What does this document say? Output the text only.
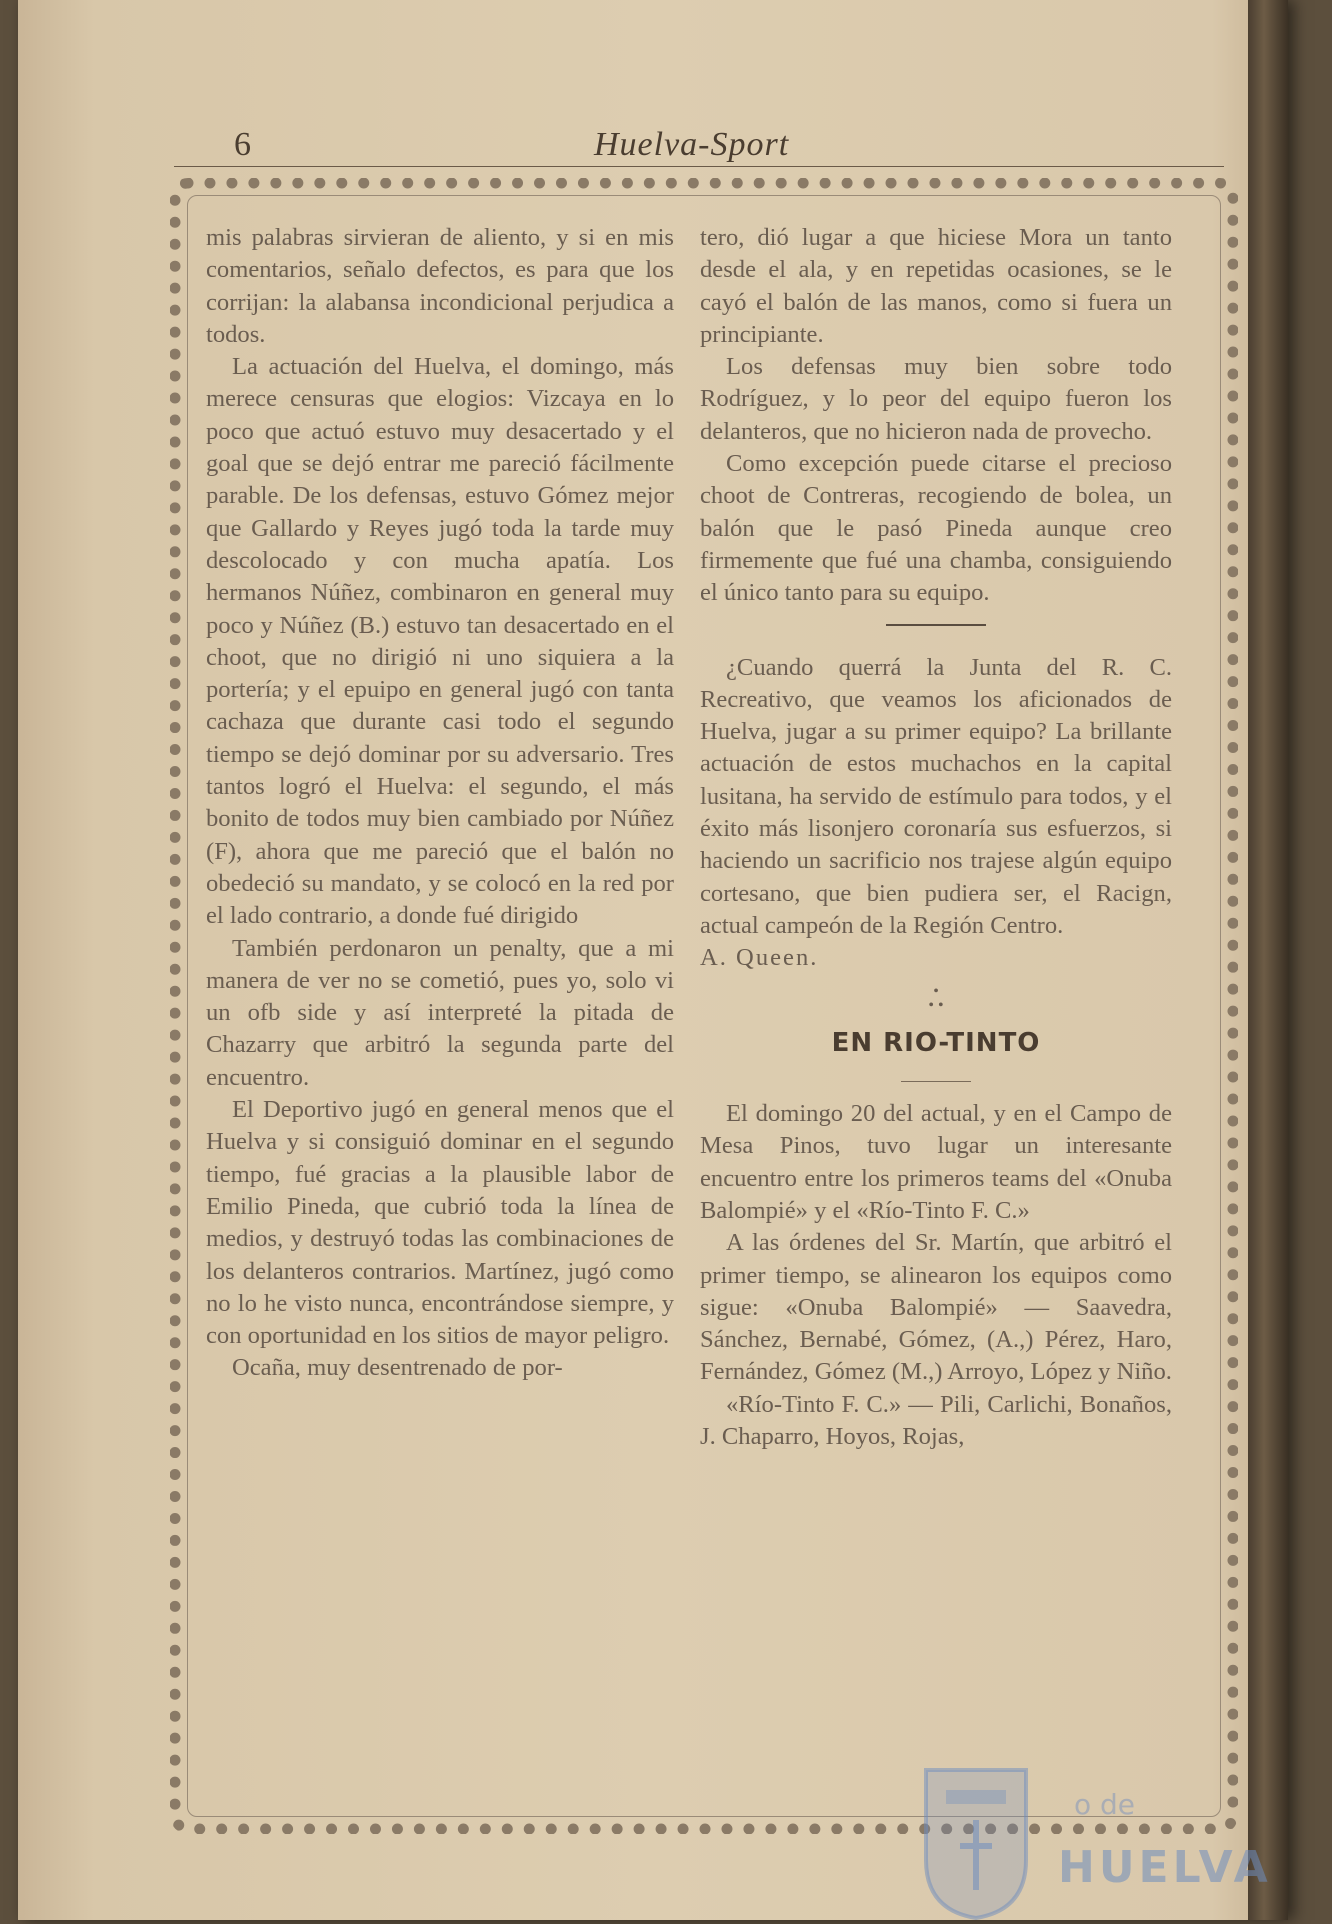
6	Huelva-Sport

mis palabras sirvieran de aliento, y si en mis comentarios, señalo defectos, es para que los corrijan: la alabansa incondicional perjudica a todos.

La actuación del Huelva, el domingo, más merece censuras que elogios: Vizcaya en lo poco que actuó estuvo muy desacertado y el goal que se dejó entrar me pareció fácilmente parable. De los defensas, estuvo Gómez mejor que Gallardo y Reyes jugó toda la tarde muy descolocado y con mucha apatía. Los hermanos Núñez, combinaron en general muy poco y Núñez (B.) estuvo tan desacertado en el choot, que no dirigió ni uno siquiera a la portería; y el epuipo en general jugó con tanta cachaza que durante casi todo el segundo tiempo se dejó dominar por su adversario. Tres tantos logró el Huelva: el segundo, el más bonito de todos muy bien cambiado por Núñez (F), ahora que me pareció que el balón no obedeció su mandato, y se colocó en la red por el lado contrario, a donde fué dirigido

También perdonaron un penalty, que a mi manera de ver no se cometió, pues yo, solo vi un ofb side y así interpreté la pitada de Chazarry que arbitró la segunda parte del encuentro.

El Deportivo jugó en general menos que el Huelva y si consiguió dominar en el segundo tiempo, fué gracias a la plausible labor de Emilio Pineda, que cubrió toda la línea de medios, y destruyó todas las combinaciones de los delanteros contrarios. Martínez, jugó como no lo he visto nunca, encontrándose siempre, y con oportunidad en los sitios de mayor peligro.

Ocaña, muy desentrenado de por-

tero, dió lugar a que hiciese Mora un tanto desde el ala, y en repetidas ocasiones, se le cayó el balón de las manos, como si fuera un principiante.

Los defensas muy bien sobre todo Rodríguez, y lo peor del equipo fueron los delanteros, que no hicieron nada de provecho.

Como excepción puede citarse el precioso choot de Contreras, recogiendo de bolea, un balón que le pasó Pineda aunque creo firmemente que fué una chamba, consiguiendo el único tanto para su equipo.

¿Cuando querrá la Junta del R. C. Recreativo, que veamos los aficionados de Huelva, jugar a su primer equipo? La brillante actuación de estos muchachos en la capital lusitana, ha servido de estímulo para todos, y el éxito más lisonjero coronaría sus esfuerzos, si haciendo un sacrificio nos trajese algún equipo cortesano, que bien pudiera ser, el Racign, actual campeón de la Región Centro.

A. Queen.

•
• •
EN RIO-TINTO

El domingo 20 del actual, y en el Campo de Mesa Pinos, tuvo lugar un interesante encuentro entre los primeros teams del «Onuba Balompié» y el «Río-Tinto F. C.»

A las órdenes del Sr. Martín, que arbitró el primer tiempo, se alinearon los equipos como sigue: «Onuba Balompié» — Saavedra, Sánchez, Bernabé, Gómez, (A.,) Pérez, Haro, Fernández, Gómez (M.,) Arroyo, López y Niño.

«Río-Tinto F. C.» — Pili, Carlichi, Bonaños, J. Chaparro, Hoyos, Rojas,

o de
HUELVA
